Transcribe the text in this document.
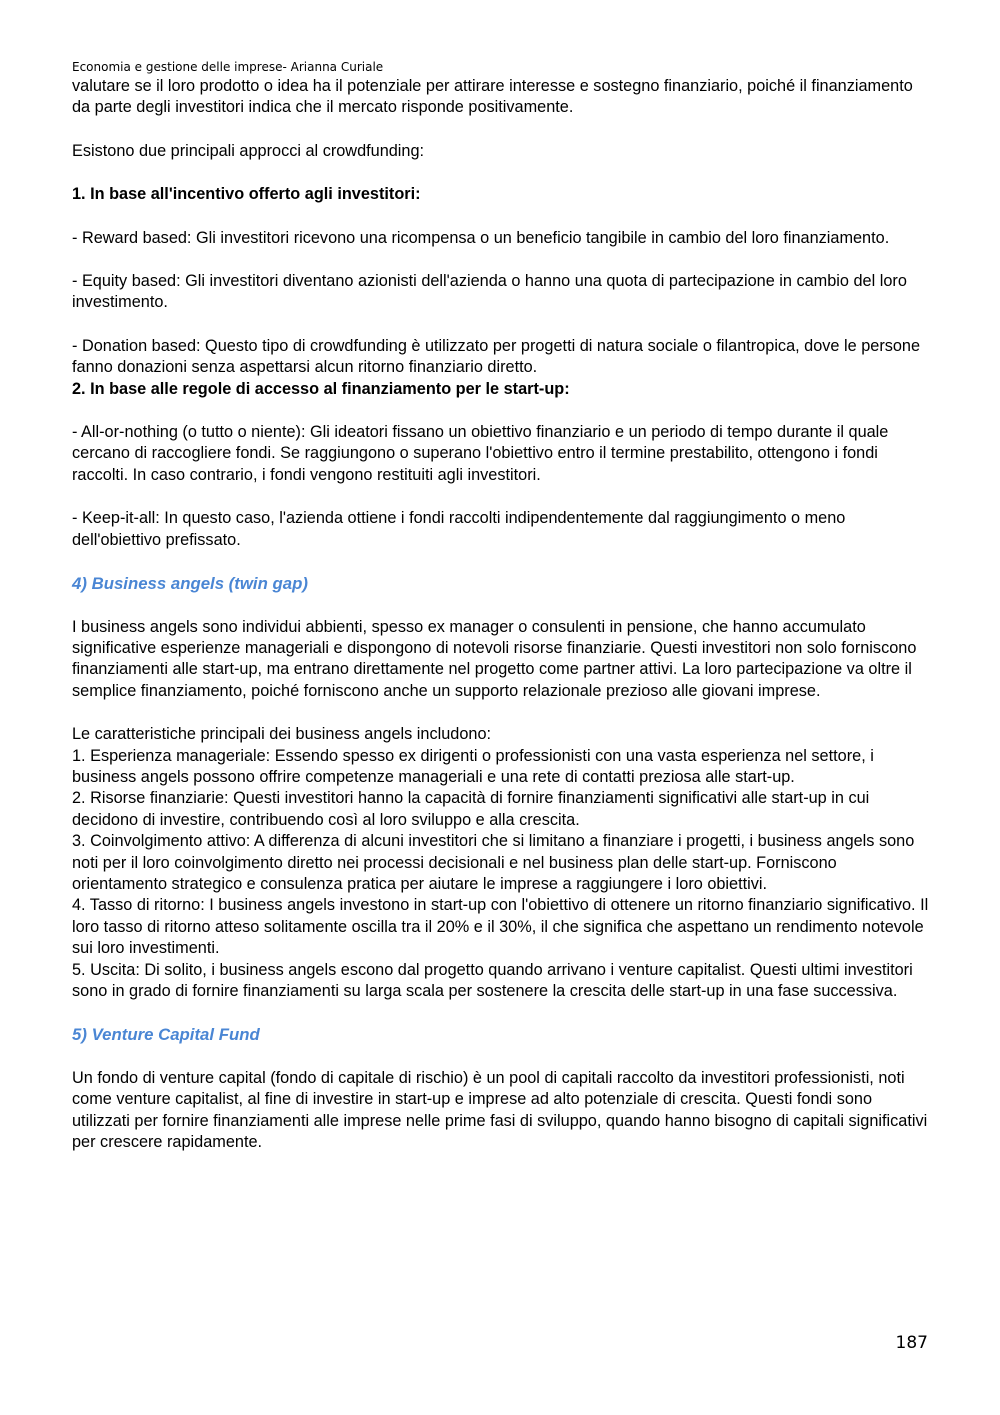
Economia e gestione delle imprese- Arianna Curiale

valutare se il loro prodotto o idea ha il potenziale per attirare interesse e sostegno finanziario, poiché il finanziamento da parte degli investitori indica che il mercato risponde positivamente.

Esistono due principali approcci al crowdfunding:

1. In base all'incentivo offerto agli investitori:

- Reward based: Gli investitori ricevono una ricompensa o un beneficio tangibile in cambio del loro finanziamento.

- Equity based: Gli investitori diventano azionisti dell'azienda o hanno una quota di partecipazione in cambio del loro investimento.

- Donation based: Questo tipo di crowdfunding è utilizzato per progetti di natura sociale o filantropica, dove le persone fanno donazioni senza aspettarsi alcun ritorno finanziario diretto.

2. In base alle regole di accesso al finanziamento per le start-up:

- All-or-nothing (o tutto o niente): Gli ideatori fissano un obiettivo finanziario e un periodo di tempo durante il quale cercano di raccogliere fondi. Se raggiungono o superano l'obiettivo entro il termine prestabilito, ottengono i fondi raccolti. In caso contrario, i fondi vengono restituiti agli investitori.

- Keep-it-all: In questo caso, l'azienda ottiene i fondi raccolti indipendentemente dal raggiungimento o meno dell'obiettivo prefissato.

4) Business angels (twin gap)

I business angels sono individui abbienti, spesso ex manager o consulenti in pensione, che hanno accumulato significative esperienze manageriali e dispongono di notevoli risorse finanziarie. Questi investitori non solo forniscono finanziamenti alle start-up, ma entrano direttamente nel progetto come partner attivi. La loro partecipazione va oltre il semplice finanziamento, poiché forniscono anche un supporto relazionale prezioso alle giovani imprese.

Le caratteristiche principali dei business angels includono:

1. Esperienza manageriale: Essendo spesso ex dirigenti o professionisti con una vasta esperienza nel settore, i business angels possono offrire competenze manageriali e una rete di contatti preziosa alle start-up.

2. Risorse finanziarie: Questi investitori hanno la capacità di fornire finanziamenti significativi alle start-up in cui decidono di investire, contribuendo così al loro sviluppo e alla crescita.

3. Coinvolgimento attivo: A differenza di alcuni investitori che si limitano a finanziare i progetti, i business angels sono noti per il loro coinvolgimento diretto nei processi decisionali e nel business plan delle start-up. Forniscono orientamento strategico e consulenza pratica per aiutare le imprese a raggiungere i loro obiettivi.

4. Tasso di ritorno: I business angels investono in start-up con l'obiettivo di ottenere un ritorno finanziario significativo. Il loro tasso di ritorno atteso solitamente oscilla tra il 20% e il 30%, il che significa che aspettano un rendimento notevole sui loro investimenti.

5. Uscita: Di solito, i business angels escono dal progetto quando arrivano i venture capitalist. Questi ultimi investitori sono in grado di fornire finanziamenti su larga scala per sostenere la crescita delle start-up in una fase successiva.

5) Venture Capital Fund

Un fondo di venture capital (fondo di capitale di rischio) è un pool di capitali raccolto da investitori professionisti, noti come venture capitalist, al fine di investire in start-up e imprese ad alto potenziale di crescita. Questi fondi sono utilizzati per fornire finanziamenti alle imprese nelle prime fasi di sviluppo, quando hanno bisogno di capitali significativi per crescere rapidamente.

187
